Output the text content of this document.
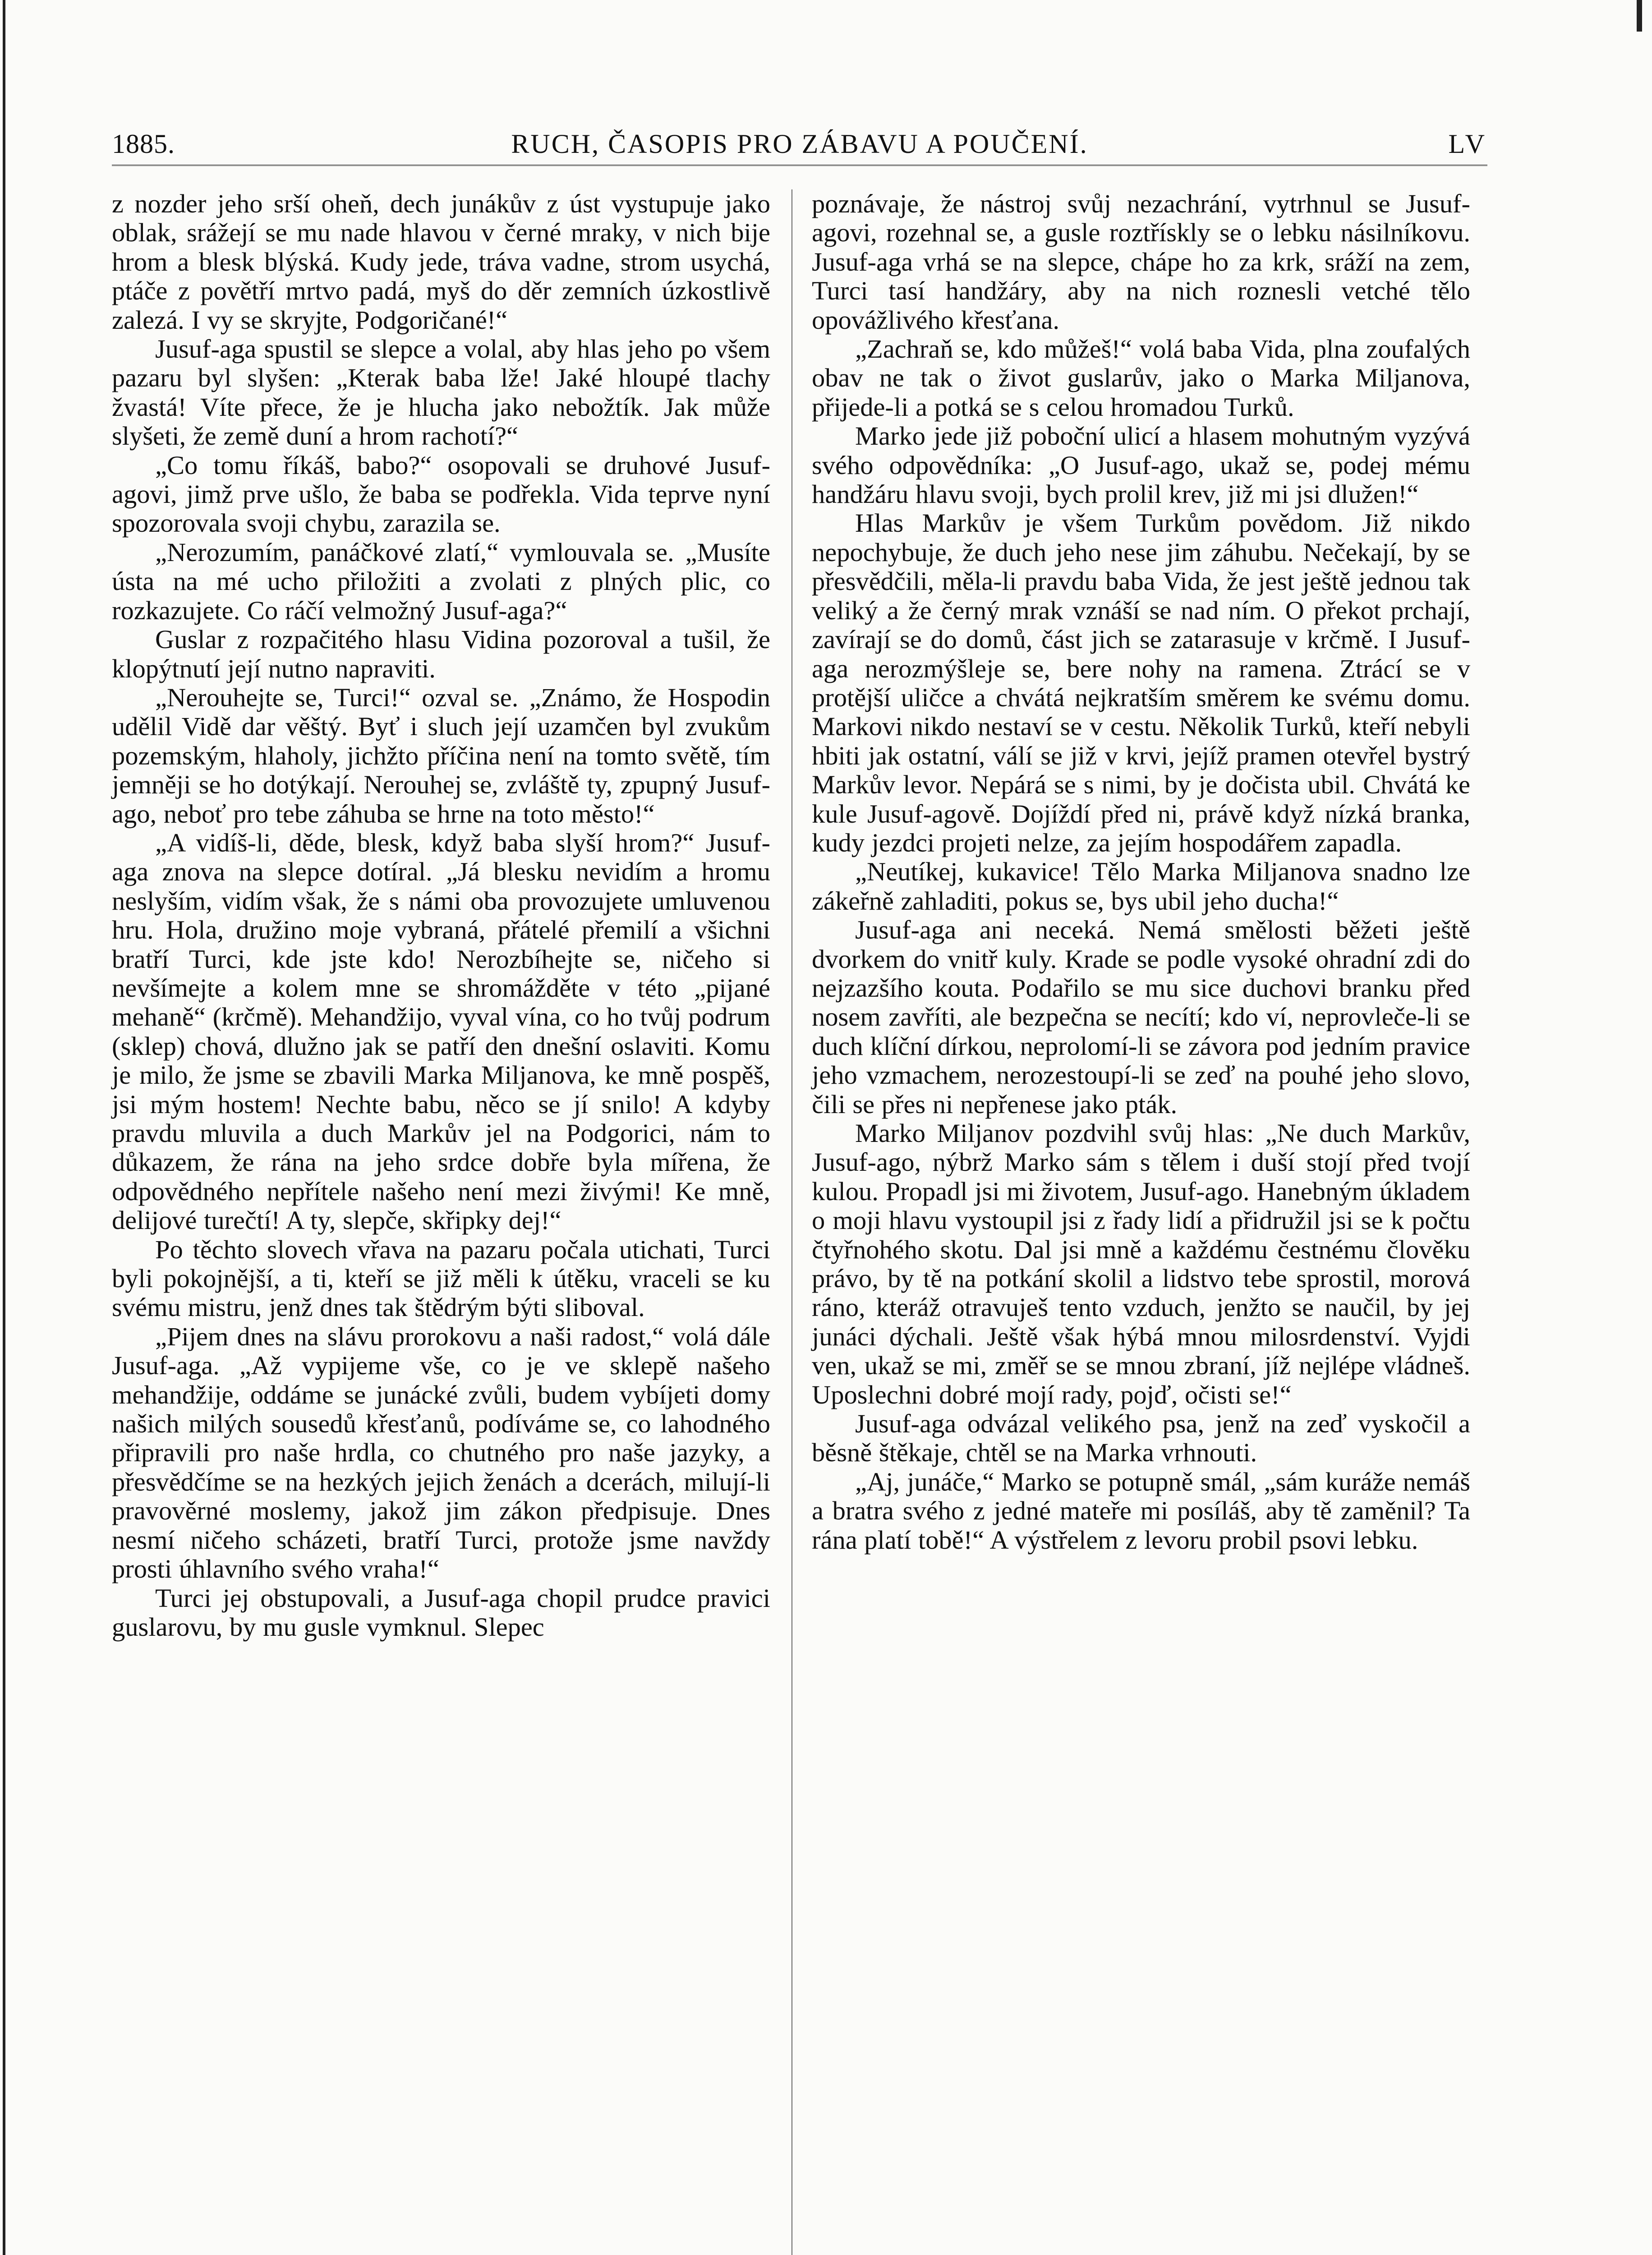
1885.	RUCH, ČASOPIS PRO ZÁBAVU A POUČENÍ.	LV

z nozder jeho srší oheň, dech junákův z úst vystupuje jako oblak, srážejí se mu nade hlavou v černé mraky, v nich bije hrom a blesk blýská. Kudy jede, tráva vadne, strom usychá, ptáče z povětří mrtvo padá, myš do děr zemních úzkostlivě zalezá. I vy se skryjte, Podgoričané!“

Jusuf-aga spustil se slepce a volal, aby hlas jeho po všem pazaru byl slyšen: „Kterak baba lže! Jaké hloupé tlachy žvastá! Víte přece, že je hlucha jako nebožtík. Jak může slyšeti, že země duní a hrom rachotí?“

„Co tomu říkáš, babo?“ osopovali se druhové Jusuf-agovi, jimž prve ušlo, že baba se podřekla. Vida teprve nyní spozorovala svoji chybu, zarazila se.

„Nerozumím, panáčkové zlatí,“ vymlouvala se. „Musíte ústa na mé ucho přiložiti a zvolati z plných plic, co rozkazujete. Co ráčí velmožný Jusuf-aga?“

Guslar z rozpačitého hlasu Vidina pozoroval a tušil, že klopýtnutí její nutno napraviti.

„Nerouhejte se, Turci!“ ozval se. „Známo, že Hospodin udělil Vidě dar věštý. Byť i sluch její uzamčen byl zvukům pozemským, hlaholy, jichžto příčina není na tomto světě, tím jemněji se ho dotýkají. Nerouhej se, zvláště ty, zpupný Jusuf-ago, neboť pro tebe záhuba se hrne na toto město!“

„A vidíš-li, děde, blesk, když baba slyší hrom?“ Jusuf-aga znova na slepce dotíral. „Já blesku nevidím a hromu neslyším, vidím však, že s námi oba provozujete umluvenou hru. Hola, družino moje vybraná, přátelé přemilí a všichni bratří Turci, kde jste kdo! Nerozbíhejte se, ničeho si nevšímejte a kolem mne se shromážděte v této „pijané mehaně“ (krčmě). Mehandžijo, vyval vína, co ho tvůj podrum (sklep) chová, dlužno jak se patří den dnešní oslaviti. Komu je milo, že jsme se zbavili Marka Miljanova, ke mně pospěš, jsi mým hostem! Nechte babu, něco se jí snilo! A kdyby pravdu mluvila a duch Markův jel na Podgorici, nám to důkazem, že rána na jeho srdce dobře byla mířena, že odpovědného nepřítele našeho není mezi živými! Ke mně, delijové turečtí! A ty, slepče, skřipky dej!“

Po těchto slovech vřava na pazaru počala utichati, Turci byli pokojnější, a ti, kteří se již měli k útěku, vraceli se ku svému mistru, jenž dnes tak štědrým býti sliboval.

„Pijem dnes na slávu prorokovu a naši radost,“ volá dále Jusuf-aga. „Až vypijeme vše, co je ve sklepě našeho mehandžije, oddáme se junácké zvůli, budem vybíjeti domy našich milých sousedů křesťanů, podíváme se, co lahodného připravili pro naše hrdla, co chutného pro naše jazyky, a přesvědčíme se na hezkých jejich ženách a dcerách, milují-li pravověrné moslemy, jakož jim zákon předpisuje. Dnes nesmí ničeho scházeti, bratří Turci, protože jsme navždy prosti úhlavního svého vraha!“

Turci jej obstupovali, a Jusuf-aga chopil prudce pravici guslarovu, by mu gusle vymknul. Slepec

poznávaje, že nástroj svůj nezachrání, vytrhnul se Jusuf-agovi, rozehnal se, a gusle roztřískly se o lebku násilníkovu. Jusuf-aga vrhá se na slepce, chápe ho za krk, sráží na zem, Turci tasí handžáry, aby na nich roznesli vetché tělo opovážlivého křesťana.

„Zachraň se, kdo můžeš!“ volá baba Vida, plna zoufalých obav ne tak o život guslarův, jako o Marka Miljanova, přijede-li a potká se s celou hromadou Turků.

Marko jede již poboční ulicí a hlasem mohutným vyzývá svého odpovědníka: „O Jusuf-ago, ukaž se, podej mému handžáru hlavu svoji, bych prolil krev, již mi jsi dlužen!“

Hlas Markův je všem Turkům povědom. Již nikdo nepochybuje, že duch jeho nese jim záhubu. Nečekají, by se přesvědčili, měla-li pravdu baba Vida, že jest ještě jednou tak veliký a že černý mrak vznáší se nad ním. O překot prchají, zavírají se do domů, část jich se zatarasuje v krčmě. I Jusuf-aga nerozmýšleje se, bere nohy na ramena. Ztrácí se v protější uličce a chvátá nejkratším směrem ke svému domu. Markovi nikdo nestaví se v cestu. Několik Turků, kteří nebyli hbiti jak ostatní, válí se již v krvi, jejíž pramen otevřel bystrý Markův levor. Nepárá se s nimi, by je dočista ubil. Chvátá ke kule Jusuf-agově. Dojíždí před ni, právě když nízká branka, kudy jezdci projeti nelze, za jejím hospodářem zapadla.

„Neutíkej, kukavice! Tělo Marka Miljanova snadno lze zákeřně zahladiti, pokus se, bys ubil jeho ducha!“

Jusuf-aga ani neceká. Nemá smělosti běžeti ještě dvorkem do vnitř kuly. Krade se podle vysoké ohradní zdi do nejzazšího kouta. Podařilo se mu sice duchovi branku před nosem zavříti, ale bezpečna se necítí; kdo ví, neprovleče-li se duch klíční dírkou, neprolomí-li se závora pod jedním pravice jeho vzmachem, nerozestoupí-li se zeď na pouhé jeho slovo, čili se přes ni nepřenese jako pták.

Marko Miljanov pozdvihl svůj hlas: „Ne duch Markův, Jusuf-ago, nýbrž Marko sám s tělem i duší stojí před tvojí kulou. Propadl jsi mi životem, Jusuf-ago. Hanebným úkladem o moji hlavu vystoupil jsi z řady lidí a přidružil jsi se k počtu čtyřnohého skotu. Dal jsi mně a každému čestnému člověku právo, by tě na potkání skolil a lidstvo tebe sprostil, morová ráno, kteráž otravuješ tento vzduch, jenžto se naučil, by jej junáci dýchali. Ještě však hýbá mnou milosrdenství. Vyjdi ven, ukaž se mi, změř se se mnou zbraní, jíž nejlépe vládneš. Uposlechni dobré mojí rady, pojď, očisti se!“

Jusuf-aga odvázal velikého psa, jenž na zeď vyskočil a běsně štěkaje, chtěl se na Marka vrhnouti.

„Aj, junáče,“ Marko se potupně smál, „sám kuráže nemáš a bratra svého z jedné mateře mi posíláš, aby tě zaměnil? Ta rána platí tobě!“ A výstřelem z levoru probil psovi lebku.
